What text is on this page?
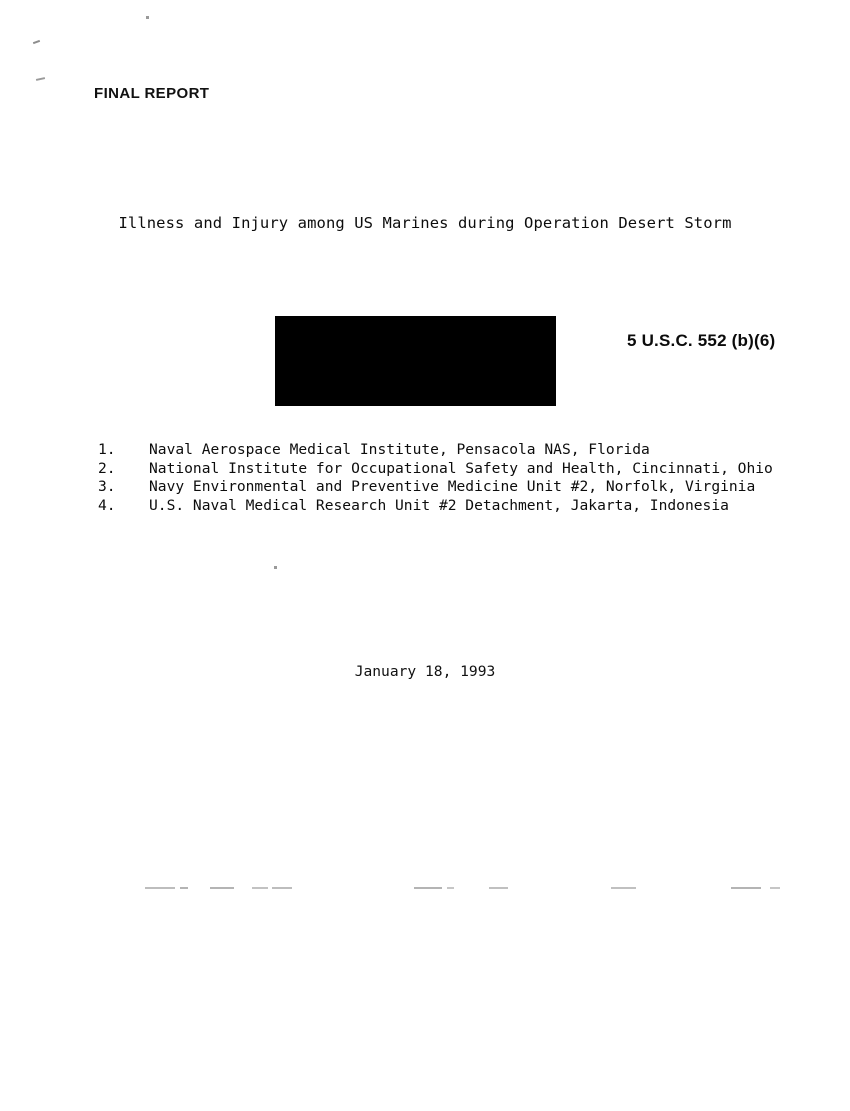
FINAL REPORT
Illness and Injury among US Marines during Operation Desert Storm
5 U.S.C. 552 (b)(6)
1.	Naval Aerospace Medical Institute, Pensacola NAS, Florida
2.	National Institute for Occupational Safety and Health, Cincinnati, Ohio
3.	Navy Environmental and Preventive Medicine Unit #2, Norfolk, Virginia
4.	U.S. Naval Medical Research Unit #2 Detachment, Jakarta, Indonesia
January 18, 1993
